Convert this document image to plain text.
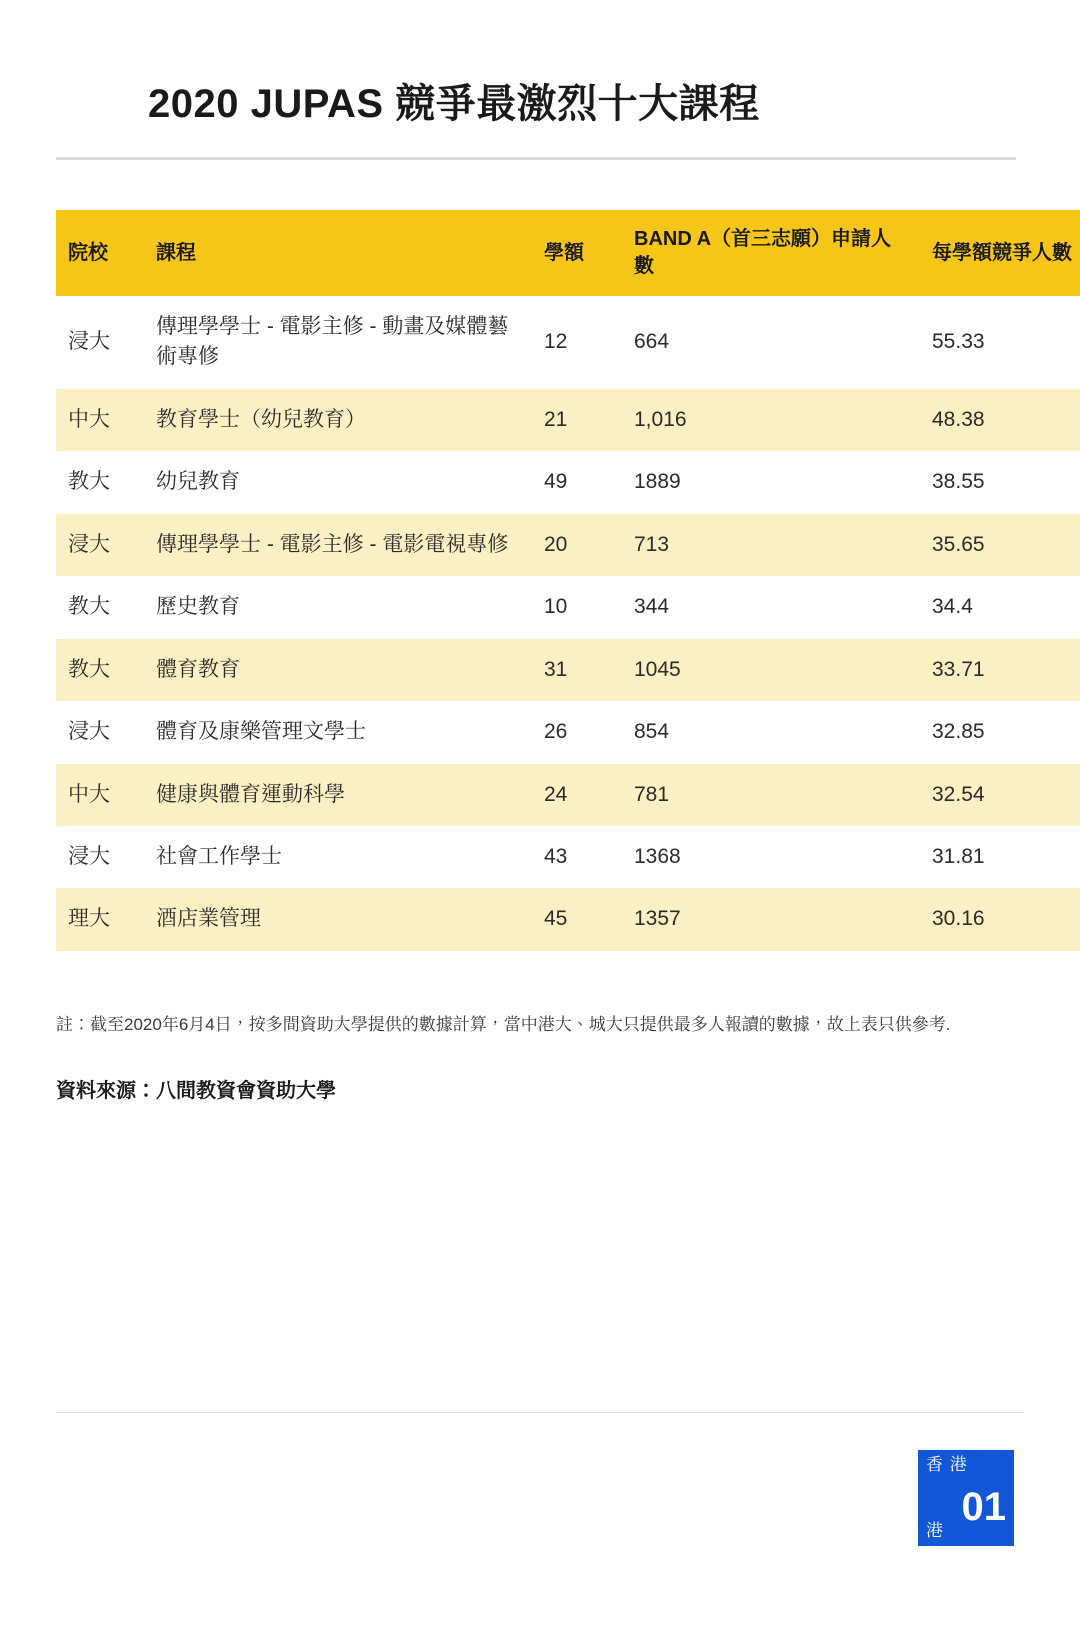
2020 JUPAS 競爭最激烈十大課程
院校	課程	學額	BAND A（首三志願）申請人數	每學額競爭人數
浸大	傳理學學士 - 電影主修 - 動畫及媒體藝術專修	12	664	55.33
中大	教育學士（幼兒教育）	21	1,016	48.38
教大	幼兒教育	49	1889	38.55
浸大	傳理學學士 - 電影主修 - 電影電視專修	20	713	35.65
教大	歷史教育	10	344	34.4
教大	體育教育	31	1045	33.71
浸大	體育及康樂管理文學士	26	854	32.85
中大	健康與體育運動科學	24	781	32.54
浸大	社會工作學士	43	1368	31.81
理大	酒店業管理	45	1357	30.16
註：截至2020年6月4日，按多間資助大學提供的數據計算，當中港大、城大只提供最多人報讀的數據，故上表只供參考.
資料來源：八間教資會資助大學
香 港
港
01
